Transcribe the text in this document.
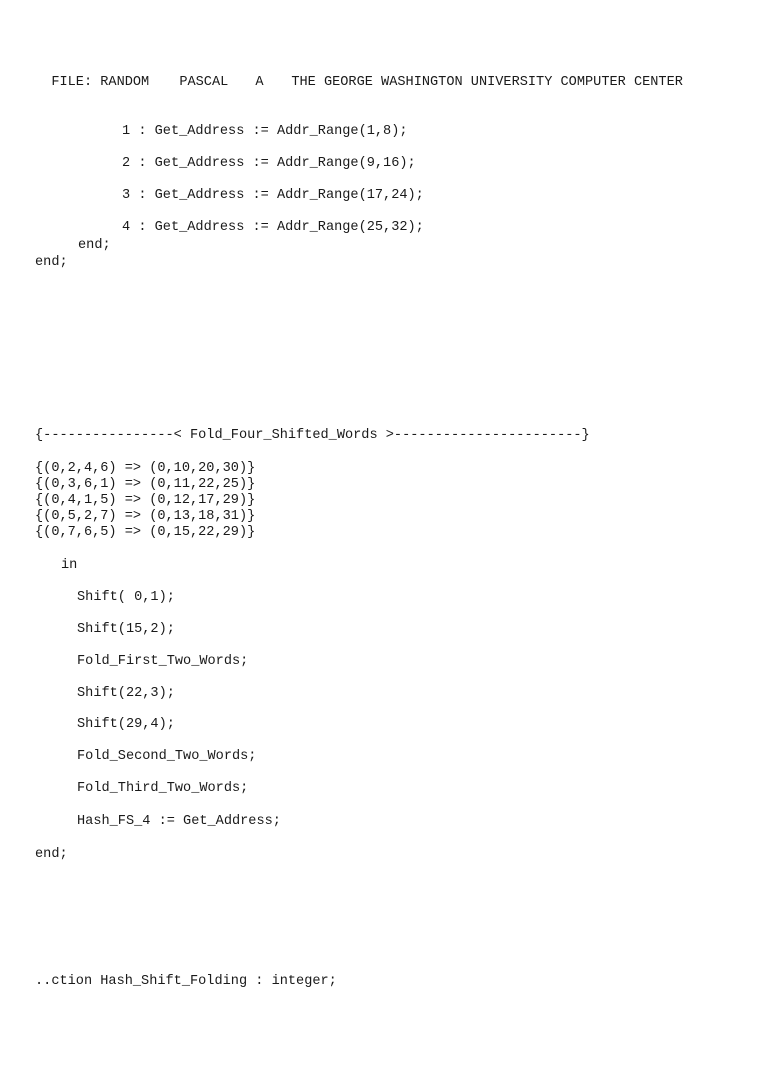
FILE: RANDOM PASCAL A THE GEORGE WASHINGTON UNIVERSITY COMPUTER CENTER

1 : Get_Address := Addr_Range(1,8);
2 : Get_Address := Addr_Range(9,16);
3 : Get_Address := Addr_Range(17,24);
4 : Get_Address := Addr_Range(25,32);
end;
end;
{----------------< Fold_Four_Shifted_Words >-----------------------}
{(0,2,4,6) => (0,10,20,30)}
{(0,3,6,1) => (0,11,22,25)}
{(0,4,1,5) => (0,12,17,29)}
{(0,5,2,7) => (0,13,18,31)}
{(0,7,6,5) => (0,15,22,29)}
in
Shift( 0,1);
Shift(15,2);
Fold_First_Two_Words;
Shift(22,3);
Shift(29,4);
Fold_Second_Two_Words;
Fold_Third_Two_Words;
Hash_FS_4 := Get_Address;
end;
..ction Hash_Shift_Folding : integer;
